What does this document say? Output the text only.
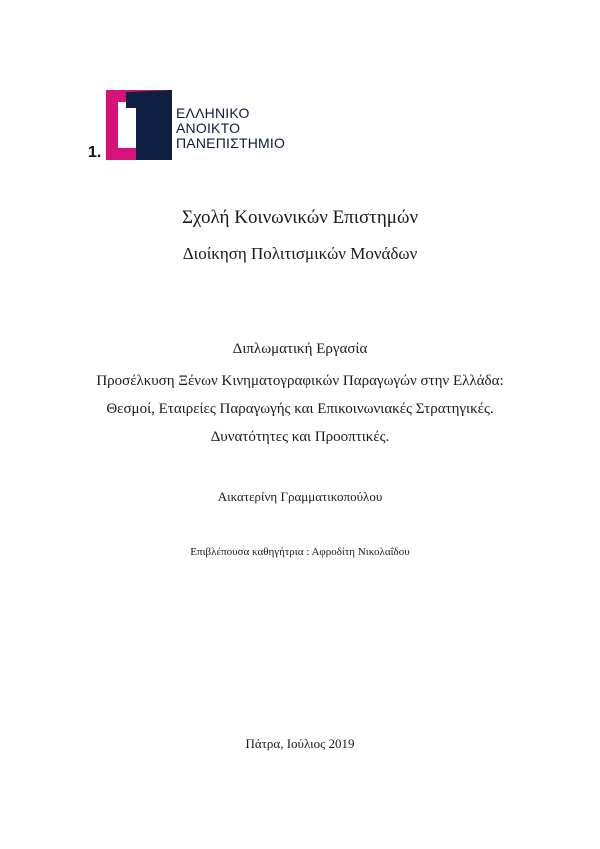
1.
ΕΛΛΗΝΙΚΟ
ΑΝΟΙΚΤΟ
ΠΑΝΕΠΙΣΤΗΜΙΟ
Σχολή Κοινωνικών Επιστημών
Διοίκηση Πολιτισμικών Μονάδων
Διπλωματική Εργασία
Προσέλκυση Ξένων Κινηματογραφικών Παραγωγών στην Ελλάδα:
Θεσμοί, Εταιρείες Παραγωγής και Επικοινωνιακές Στρατηγικές.
Δυνατότητες και Προοπτικές.
Αικατερίνη Γραμματικοπούλου
Επιβλέπουσα καθηγήτρια : Αφροδίτη Νικολαΐδου
Πάτρα, Ιούλιος 2019
